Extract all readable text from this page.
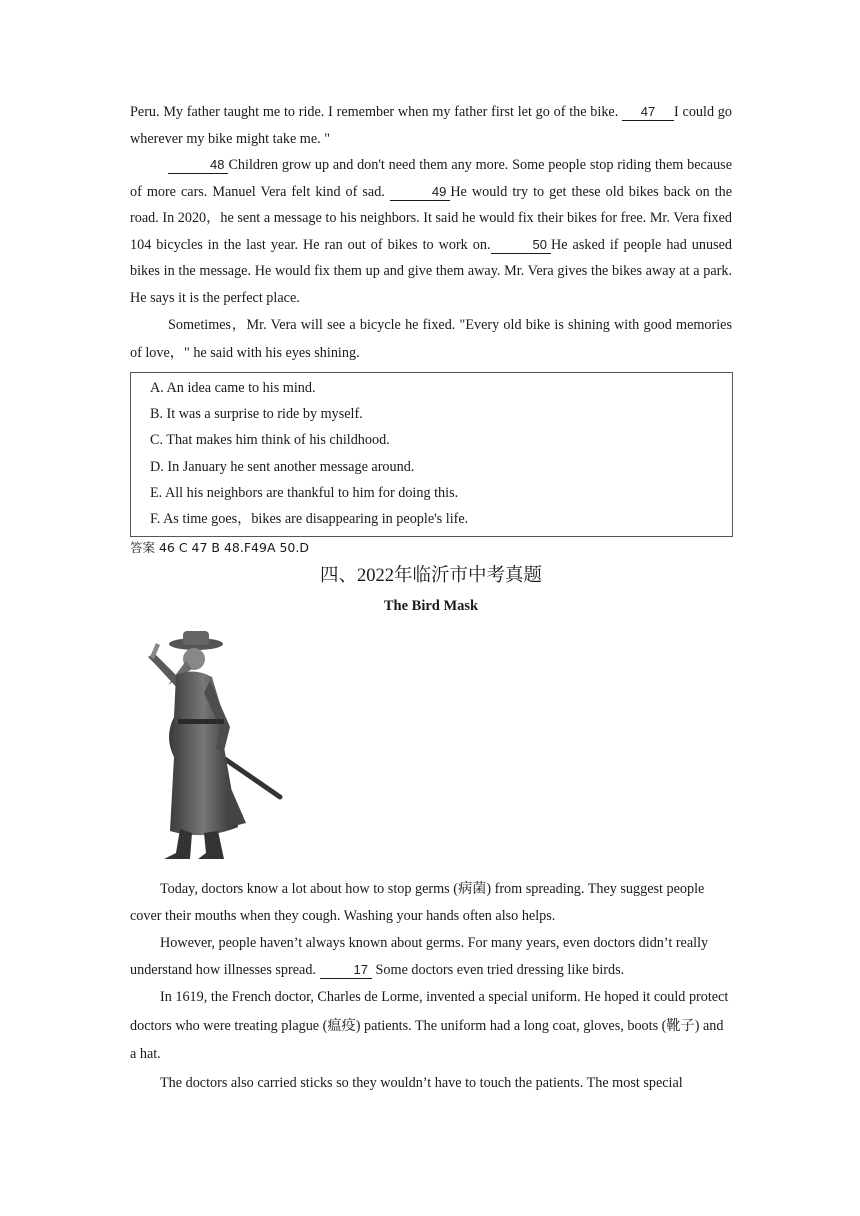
Peru. My father taught me to ride. I remember when my father first let go of the bike. 47 I could go wherever my bike might take me. "

48 Children grow up and don't need them any more. Some people stop riding them because of more cars. Manuel Vera felt kind of sad.	49 He would try to get these old bikes back on the road. In 2020，he sent a message to his neighbors. It said he would fix their bikes for free. Mr. Vera fixed 104 bicycles in the last year. He ran out of bikes to work on.	50 He asked if people had unused bikes in the message. He would fix them up and give them away. Mr. Vera gives the bikes away at a park. He says it is the perfect place.

Sometimes，Mr. Vera will see a bicycle he fixed. "Every old bike is shining with good memories of love，" he said with his eyes shining.

A. An idea came to his mind.

B. It was a surprise to ride by myself.

C. That makes him think of his childhood.

D. In January he sent another message around.

E. All his neighbors are thankful to him for doing this.

F. As time goes，bikes are disappearing in people's life.

答案 46 C 47 B 48.F49A 50.D

四、2022年临沂市中考真题

The Bird Mask

Today, doctors know a lot about how to stop germs (病菌) from spreading. They suggest people cover their mouths when they cough. Washing your hands often also helps.

However, people haven’t always known about germs. For many years, even doctors didn’t really understand how illnesses spread.	17 Some doctors even tried dressing like birds.

In 1619, the French doctor, Charles de Lorme, invented a special uniform. He hoped it could protect doctors who were treating plague (瘟疫) patients. The uniform had a long coat, gloves, boots (靴子) and a hat.

The doctors also carried sticks so they wouldn’t have to touch the patients. The most special
